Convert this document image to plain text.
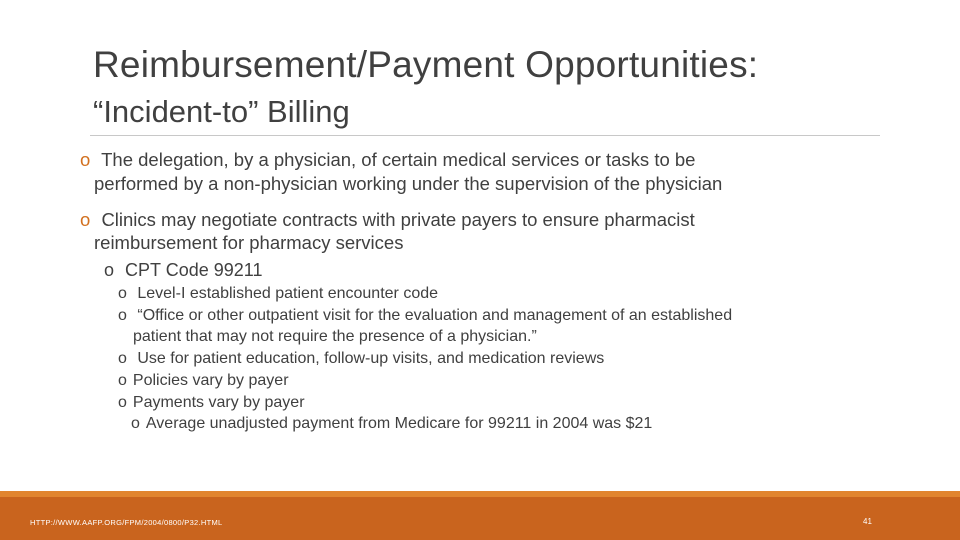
Reimbursement/Payment Opportunities:
“Incident-to” Billing
o The delegation, by a physician, of certain medical services or tasks to be
performed by a non-physician working under the supervision of the physician
o Clinics may negotiate contracts with private payers to ensure pharmacist
reimbursement for pharmacy services
o CPT Code 99211
o Level-I established patient encounter code
o “Office or other outpatient visit for the evaluation and management of an established
patient that may not require the presence of a physician.”
o Use for patient education, follow-up visits, and medication reviews
o Policies vary by payer
o Payments vary by payer
o Average unadjusted payment from Medicare for 99211 in 2004 was $21
HTTP://WWW.AAFP.ORG/FPM/2004/0800/P32.HTML	41
